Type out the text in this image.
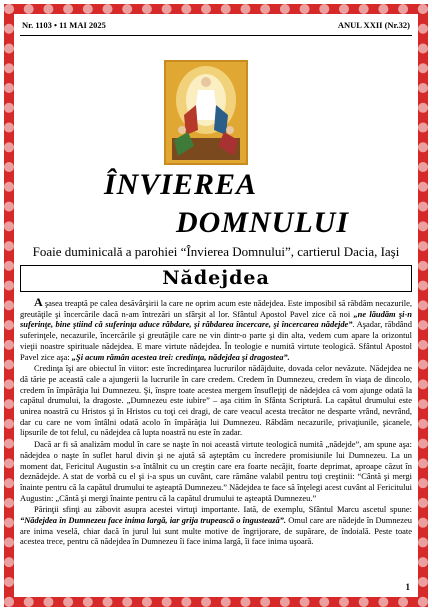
Nr. 1103 • 11 MAI 2025	ANUL XXII (Nr.32)
ÎNVIEREA
DOMNULUI
Foaie duminicală a parohiei “Învierea Domnului”, cartierul Dacia, Iaşi
Nădejdea

A şasea treaptă pe calea desăvârşirii la care ne oprim acum este nădejdea. Este imposibil să răbdăm necazurile, greutăţile şi încercările dacă n-am întrezări un sfârşit al lor. Sfântul Apostol Pavel zice că noi „ne lăudăm şi-n suferinţe, bine ştiind că suferinţa aduce răbdare, şi răbdarea încercare, şi încercarea nădejde”. Aşadar, răbdând suferinţele, necazurile, încercările şi greutăţile care ne vin dintr-o parte şi din alta, vedem cum apare la orizontul vieţii noastre spirituale nădejdea. E mare virtute nădejdea. În teologie e numită virtute teologică. Sfântul Apostol Pavel zice aşa: „Şi acum rămân acestea trei: credinţa, nădejdea şi dragostea”.

Credinţa îşi are obiectul în viitor: este încredinţarea lucrurilor nădăjduite, dovada celor nevăzute. Nădejdea ne dă tărie pe această cale a ajungerii la lucrurile în care credem. Credem în Dumnezeu, credem în viaţa de dincolo, credem în împărăţia lui Dumnezeu. Şi, înspre toate acestea mergem însufleţiţi de nădejdea că vom ajunge odată la capătul drumului, la dragoste. „Dumnezeu este iubire” – aşa citim în Sfânta Scriptură. La capătul drumului este unirea noastră cu Hristos şi în Hristos cu toţi cei dragi, de care veacul acesta trecător ne desparte vrând, nevrând, dar cu care ne vom întâlni odată acolo în împărăţia lui Dumnezeu. Răbdăm necazurile, privaţiunile, şicanele, lipsurile de tot felul, cu nădejdea că lupta noastră nu este în zadar.

Dacă ar fi să analizăm modul în care se naşte în noi această virtute teologică numită „nădejde”, am spune aşa: nădejdea o naşte în suflet harul divin şi ne ajută să aşteptăm cu încredere promisiunile lui Dumnezeu. La un moment dat, Fericitul Augustin s-a întâlnit cu un creştin care era foarte necăjit, foarte deprimat, aproape căzut în deznădejde. A stat de vorbă cu el şi i-a spus un cuvânt, care rămâne valabil pentru toţi creştinii: “Cântă şi mergi înainte pentru că la capătul drumului te aşteaptă Dumnezeu.” Nădejdea te face să înţelegi acest cuvânt al Fericitului Augustin: „Cântă şi mergi înainte pentru că la capătul drumului te aşteaptă Dumnezeu.”

Părinţii sfinţi au zăbovit asupra acestei virtuţi importante. Iată, de exemplu, Sfântul Marcu ascetul spune: “Nădejdea în Dumnezeu face inima largă, iar grija trupească o îngustează”. Omul care are nădejde în Dumnezeu are inima veselă, chiar dacă în jurul lui sunt multe motive de îngrijorare, de supărare, de îndoială. Peste toate acestea trece, pentru că nădejdea în Dumnezeu îi face inima largă, îi face inima uşoară.

1
